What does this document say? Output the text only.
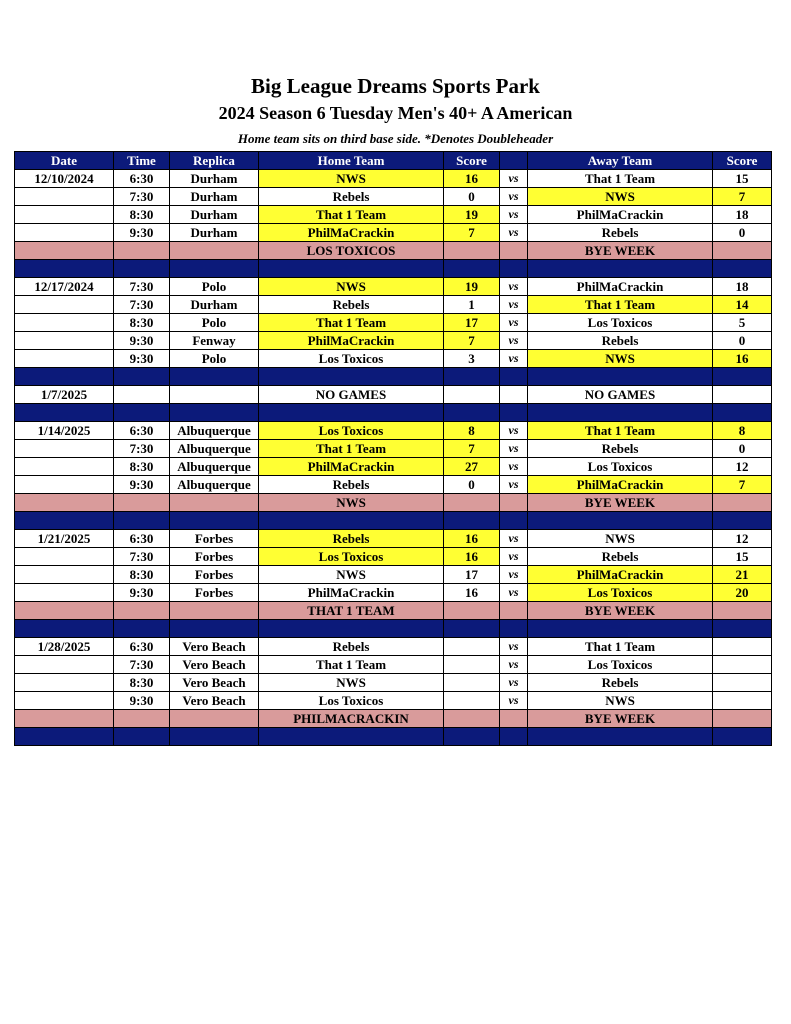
Big League Dreams Sports Park
2024 Season 6 Tuesday Men's 40+ A American
Home team sits on third base side. *Denotes Doubleheader
Date	Time	Replica	Home Team	Score		Away Team	Score
12/10/2024	6:30	Durham	NWS	16	vs	That 1 Team	15
	7:30	Durham	Rebels	0	vs	NWS	7
	8:30	Durham	That 1 Team	19	vs	PhilMaCrackin	18
	9:30	Durham	PhilMaCrackin	7	vs	Rebels	0
			LOS TOXICOS			BYE WEEK	

12/17/2024	7:30	Polo	NWS	19	vs	PhilMaCrackin	18
	7:30	Durham	Rebels	1	vs	That 1 Team	14
	8:30	Polo	That 1 Team	17	vs	Los Toxicos	5
	9:30	Fenway	PhilMaCrackin	7	vs	Rebels	0
	9:30	Polo	Los Toxicos	3	vs	NWS	16

1/7/2025			NO GAMES			NO GAMES	

1/14/2025	6:30	Albuquerque	Los Toxicos	8	vs	That 1 Team	8
	7:30	Albuquerque	That 1 Team	7	vs	Rebels	0
	8:30	Albuquerque	PhilMaCrackin	27	vs	Los Toxicos	12
	9:30	Albuquerque	Rebels	0	vs	PhilMaCrackin	7
			NWS			BYE WEEK	

1/21/2025	6:30	Forbes	Rebels	16	vs	NWS	12
	7:30	Forbes	Los Toxicos	16	vs	Rebels	15
	8:30	Forbes	NWS	17	vs	PhilMaCrackin	21
	9:30	Forbes	PhilMaCrackin	16	vs	Los Toxicos	20
			THAT 1 TEAM			BYE WEEK	

1/28/2025	6:30	Vero Beach	Rebels		vs	That 1 Team	
	7:30	Vero Beach	That 1 Team		vs	Los Toxicos	
	8:30	Vero Beach	NWS		vs	Rebels	
	9:30	Vero Beach	Los Toxicos		vs	NWS	
			PHILMACRACKIN			BYE WEEK	
